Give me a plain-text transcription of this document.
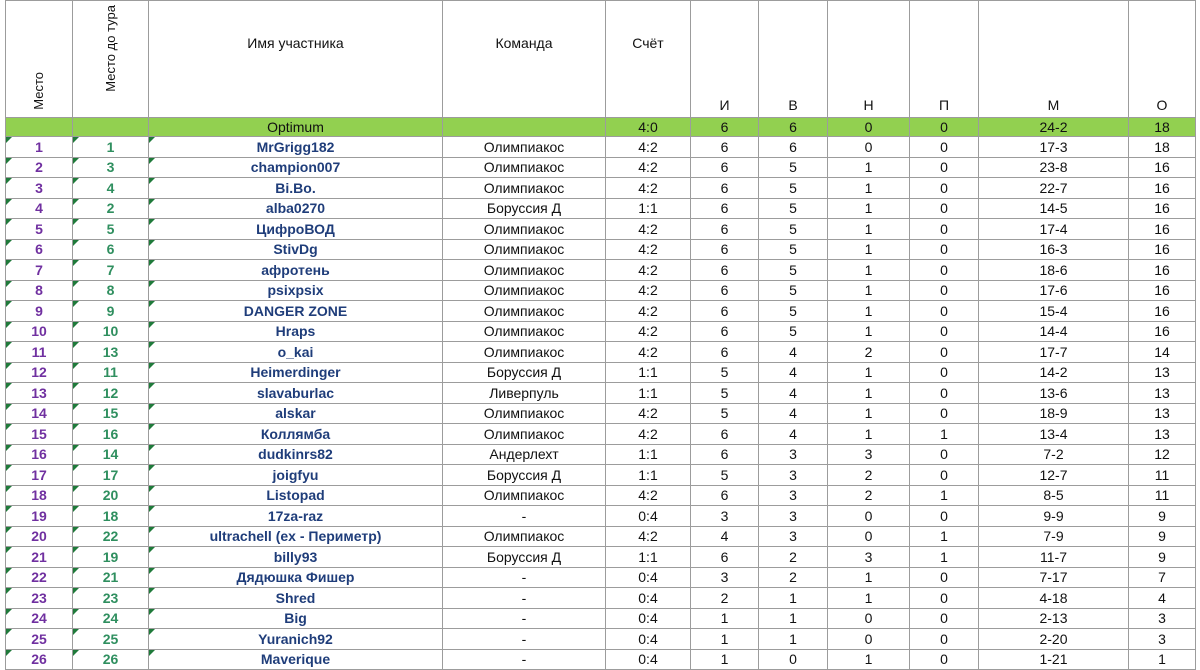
Место	Место до тура	Имя участника	Команда	Счёт	И	В	Н	П	М	О
		Optimum		4:0	6	6	0	0	24-2	18
1	1	MrGrigg182	Олимпиакос	4:2	6	6	0	0	17-3	18
2	3	champion007	Олимпиакос	4:2	6	5	1	0	23-8	16
3	4	Bi.Bo.	Олимпиакос	4:2	6	5	1	0	22-7	16
4	2	alba0270	Боруссия Д	1:1	6	5	1	0	14-5	16
5	5	ЦифроВОД	Олимпиакос	4:2	6	5	1	0	17-4	16
6	6	StivDg	Олимпиакос	4:2	6	5	1	0	16-3	16
7	7	афротень	Олимпиакос	4:2	6	5	1	0	18-6	16
8	8	psixpsix	Олимпиакос	4:2	6	5	1	0	17-6	16
9	9	DANGER ZONE	Олимпиакос	4:2	6	5	1	0	15-4	16
10	10	Hraps	Олимпиакос	4:2	6	5	1	0	14-4	16
11	13	o_kai	Олимпиакос	4:2	6	4	2	0	17-7	14
12	11	Heimerdinger	Боруссия Д	1:1	5	4	1	0	14-2	13
13	12	slavaburlac	Ливерпуль	1:1	5	4	1	0	13-6	13
14	15	alskar	Олимпиакос	4:2	5	4	1	0	18-9	13
15	16	Коллямба	Олимпиакос	4:2	6	4	1	1	13-4	13
16	14	dudkinrs82	Андерлехт	1:1	6	3	3	0	7-2	12
17	17	joigfyu	Боруссия Д	1:1	5	3	2	0	12-7	11
18	20	Listopad	Олимпиакос	4:2	6	3	2	1	8-5	11
19	18	17za-raz	-	0:4	3	3	0	0	9-9	9
20	22	ultrachell (ex - Периметр)	Олимпиакос	4:2	4	3	0	1	7-9	9
21	19	billy93	Боруссия Д	1:1	6	2	3	1	11-7	9
22	21	Дядюшка Фишер	-	0:4	3	2	1	0	7-17	7
23	23	Shred	-	0:4	2	1	1	0	4-18	4
24	24	Big	-	0:4	1	1	0	0	2-13	3
25	25	Yuranich92	-	0:4	1	1	0	0	2-20	3
26	26	Maverique	-	0:4	1	0	1	0	1-21	1
